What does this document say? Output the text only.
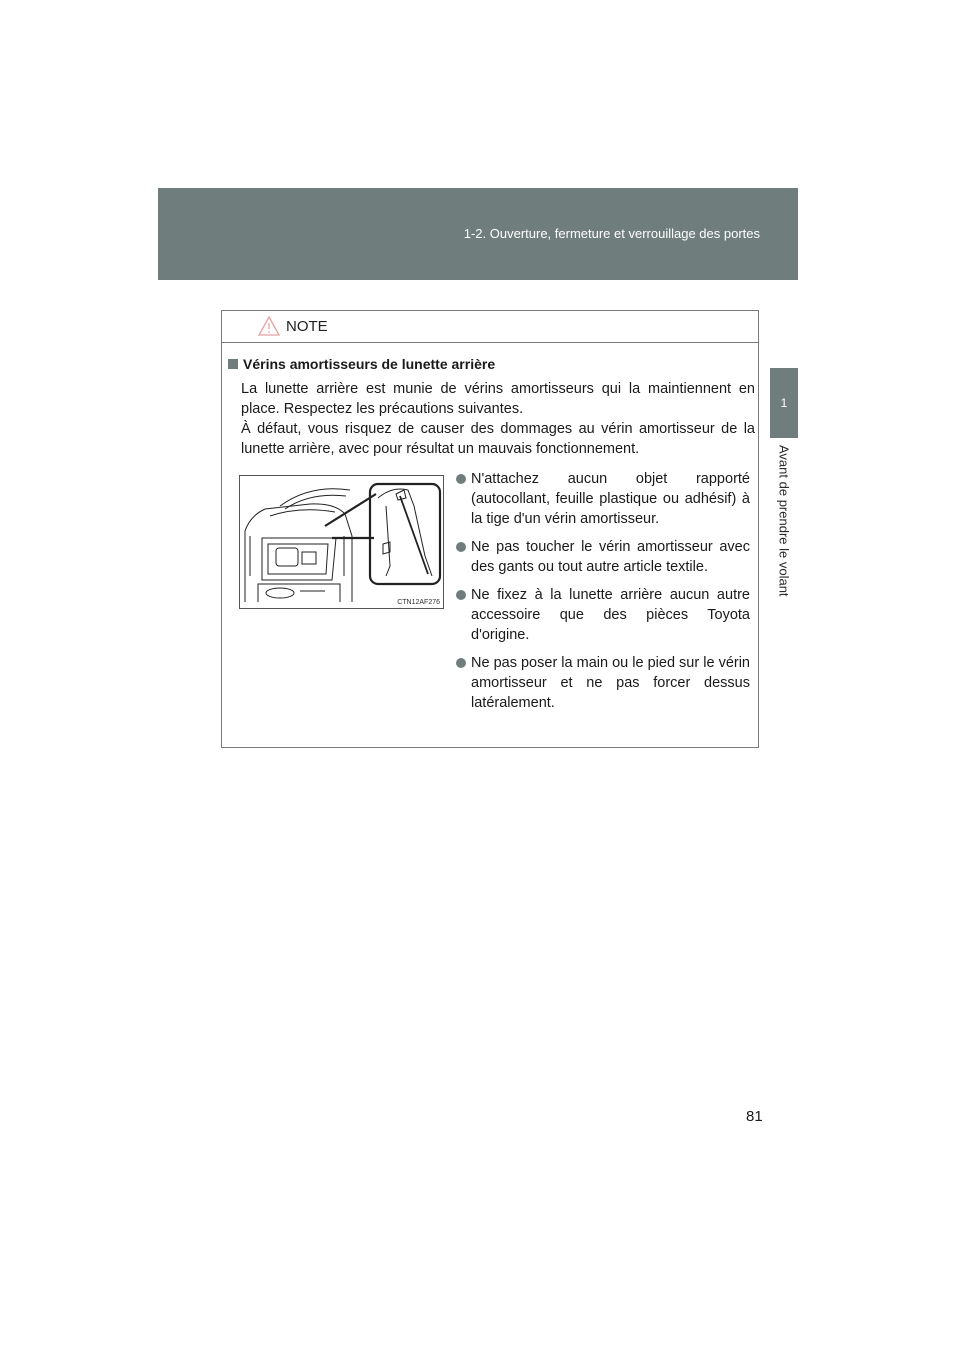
1-2. Ouverture, fermeture et verrouillage des portes
1
Avant de prendre le volant
NOTE
Vérins amortisseurs de lunette arrière

La lunette arrière est munie de vérins amortisseurs qui la maintiennent en place. Respectez les précautions suivantes.

À défaut, vous risquez de causer des dommages au vérin amortisseur de la lunette arrière, avec pour résultat un mauvais fonctionnement.

CTN12AF276
N'attachez aucun objet rapporté (autocollant, feuille plastique ou adhésif) à la tige d'un vérin amortisseur.
Ne pas toucher le vérin amortisseur avec des gants ou tout autre article textile.
Ne fixez à la lunette arrière aucun autre accessoire que des pièces Toyota d'origine.
Ne pas poser la main ou le pied sur le vérin amortisseur et ne pas forcer dessus latéralement.
81
